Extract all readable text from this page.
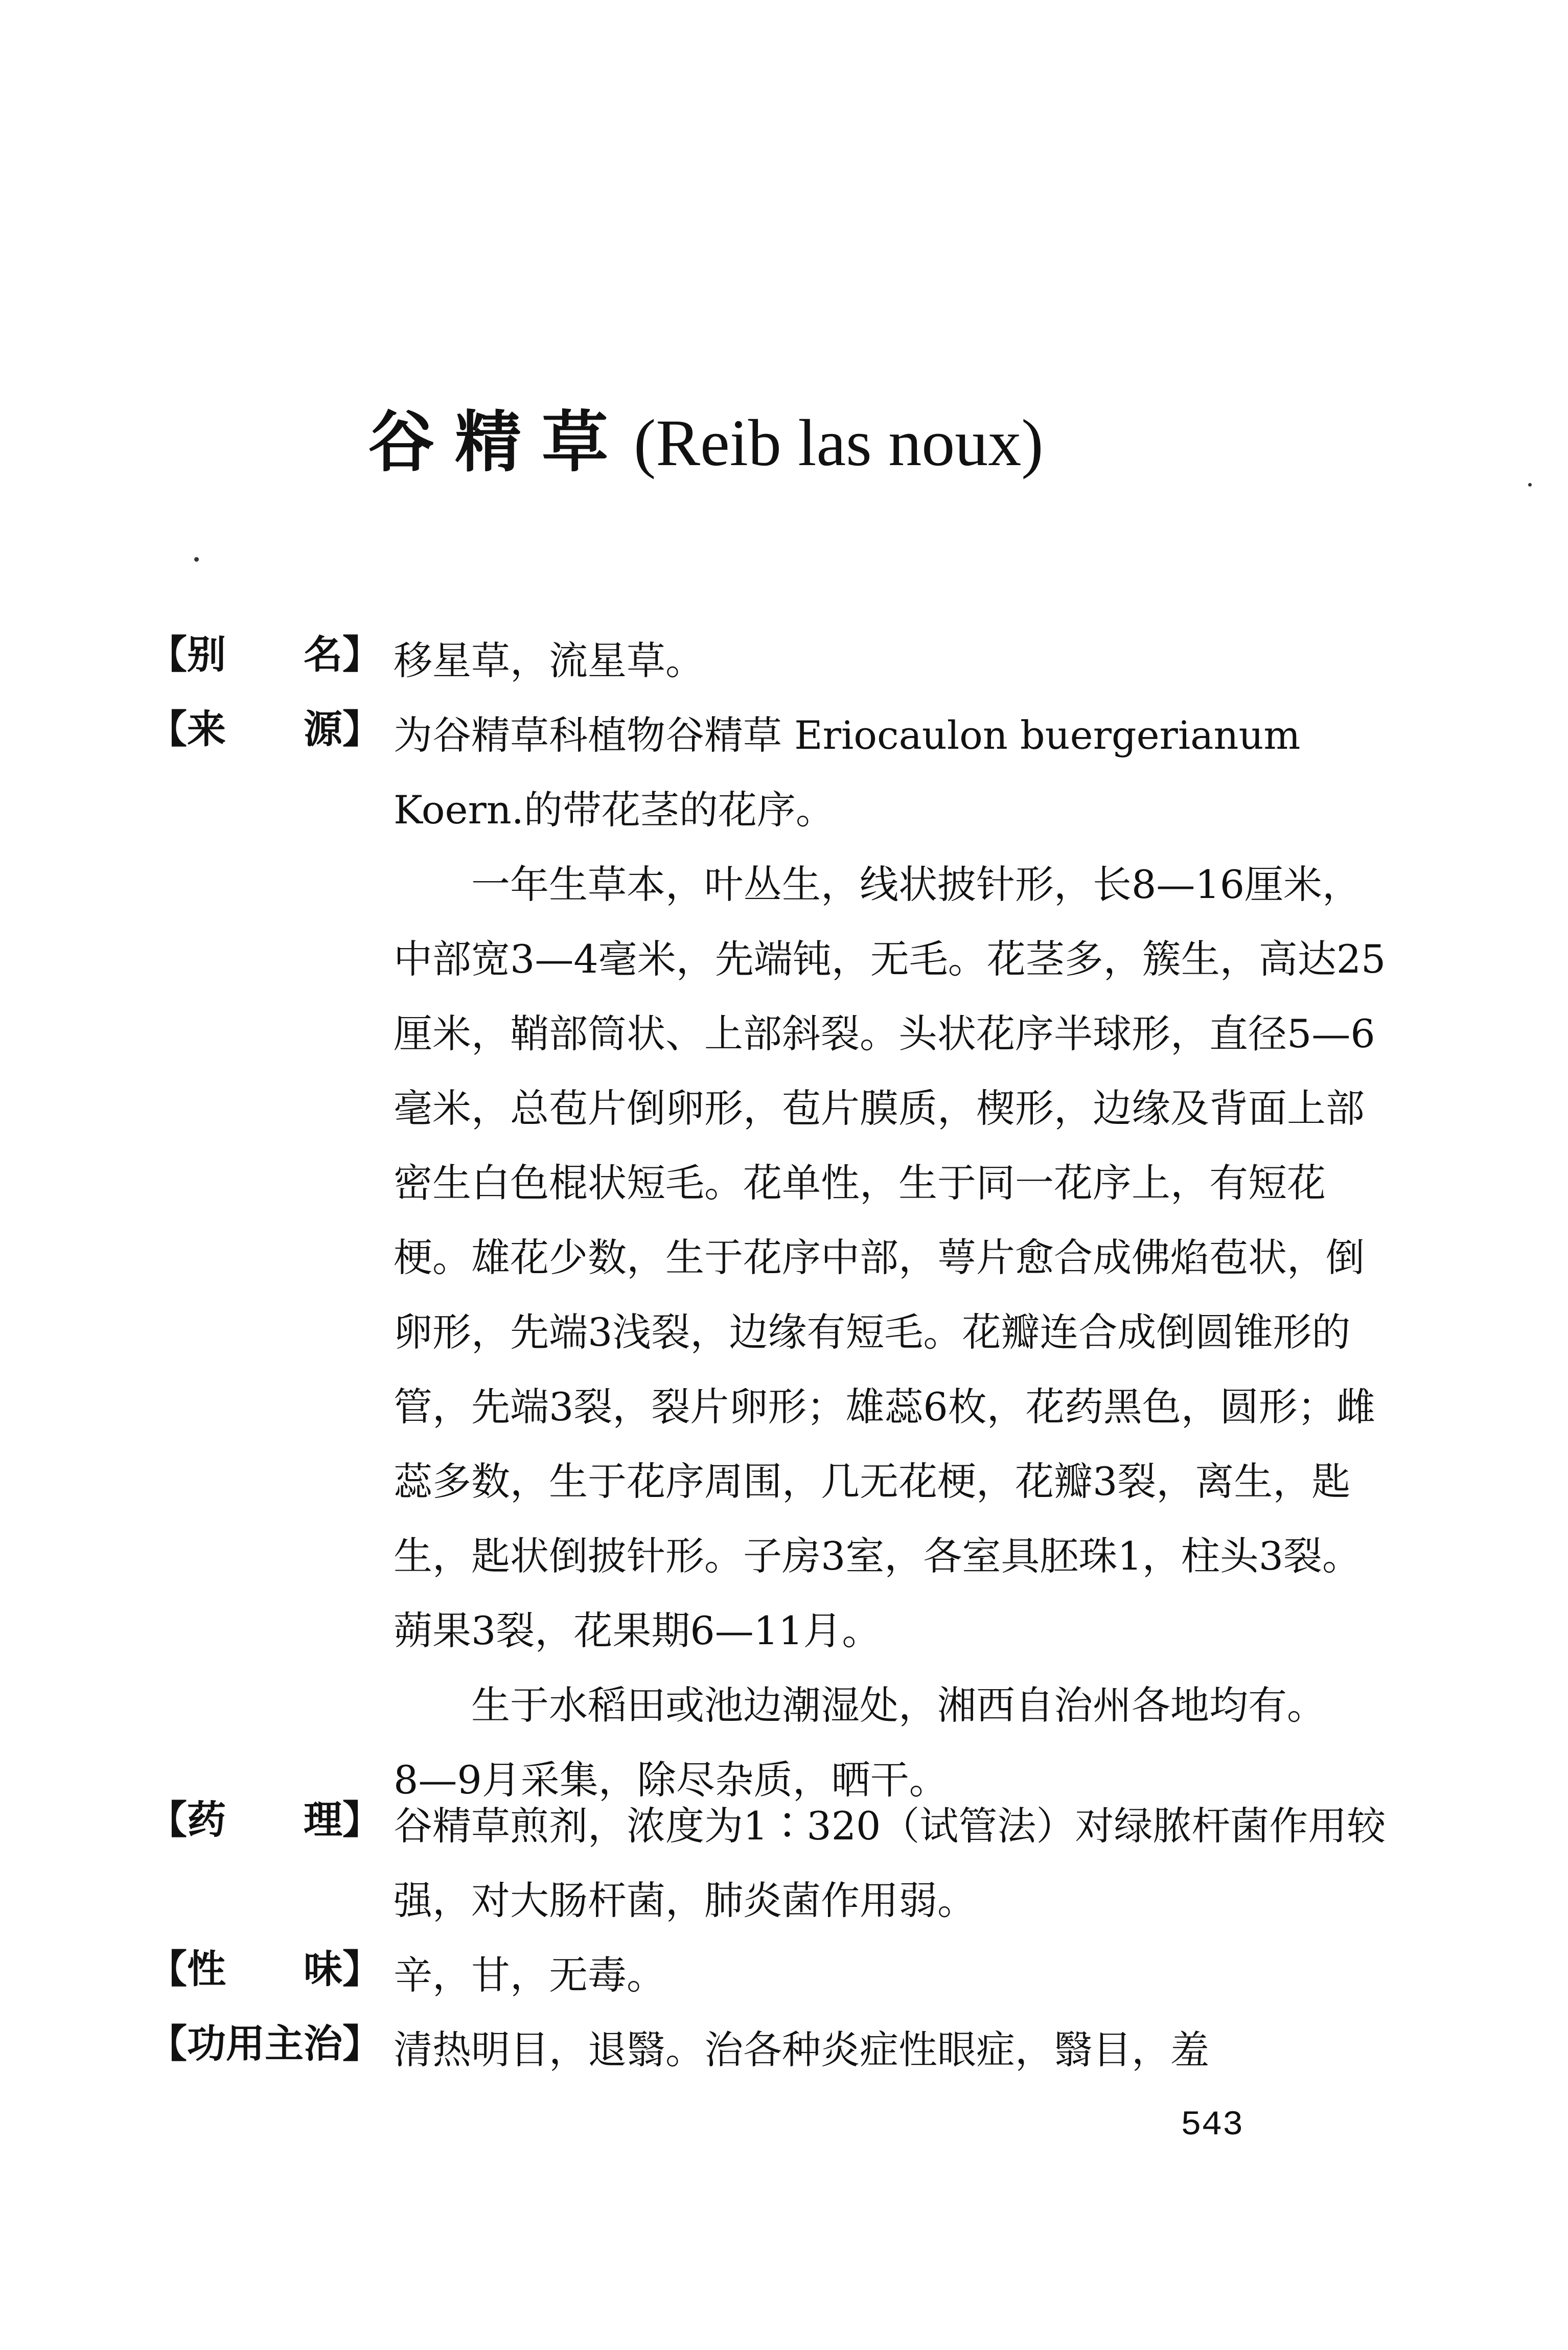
谷精草(Reib las noux)
【别　　名】 移星草，流星草。

【来　　源】 为谷精草科植物谷精草 Eriocaulon buergerianum Koern.的带花茎的花序。

一年生草本，叶丛生，线状披针形，长8—16厘米，中部宽3—4毫米，先端钝，无毛。花茎多，簇生，高达25厘米，鞘部筒状、上部斜裂。头状花序半球形，直径5—6毫米，总苞片倒卵形，苞片膜质，楔形，边缘及背面上部密生白色棍状短毛。花单性，生于同一花序上，有短花梗。雄花少数，生于花序中部，萼片愈合成佛焰苞状，倒卵形，先端3浅裂，边缘有短毛。花瓣连合成倒圆锥形的管，先端3裂，裂片卵形；雄蕊6枚，花药黑色，圆形；雌蕊多数，生于花序周围，几无花梗，花瓣3裂，离生，匙生，匙状倒披针形。子房3室，各室具胚珠1，柱头3裂。蒴果3裂，花果期6—11月。

生于水稻田或池边潮湿处，湘西自治州各地均有。

8—9月采集，除尽杂质，晒干。

【药　　理】 谷精草煎剂，浓度为1∶320（试管法）对绿脓杆菌作用较强，对大肠杆菌，肺炎菌作用弱。

【性　　味】 辛，甘，无毒。

【功用主治】 清热明目，退翳。治各种炎症性眼症，翳目，羞

543
